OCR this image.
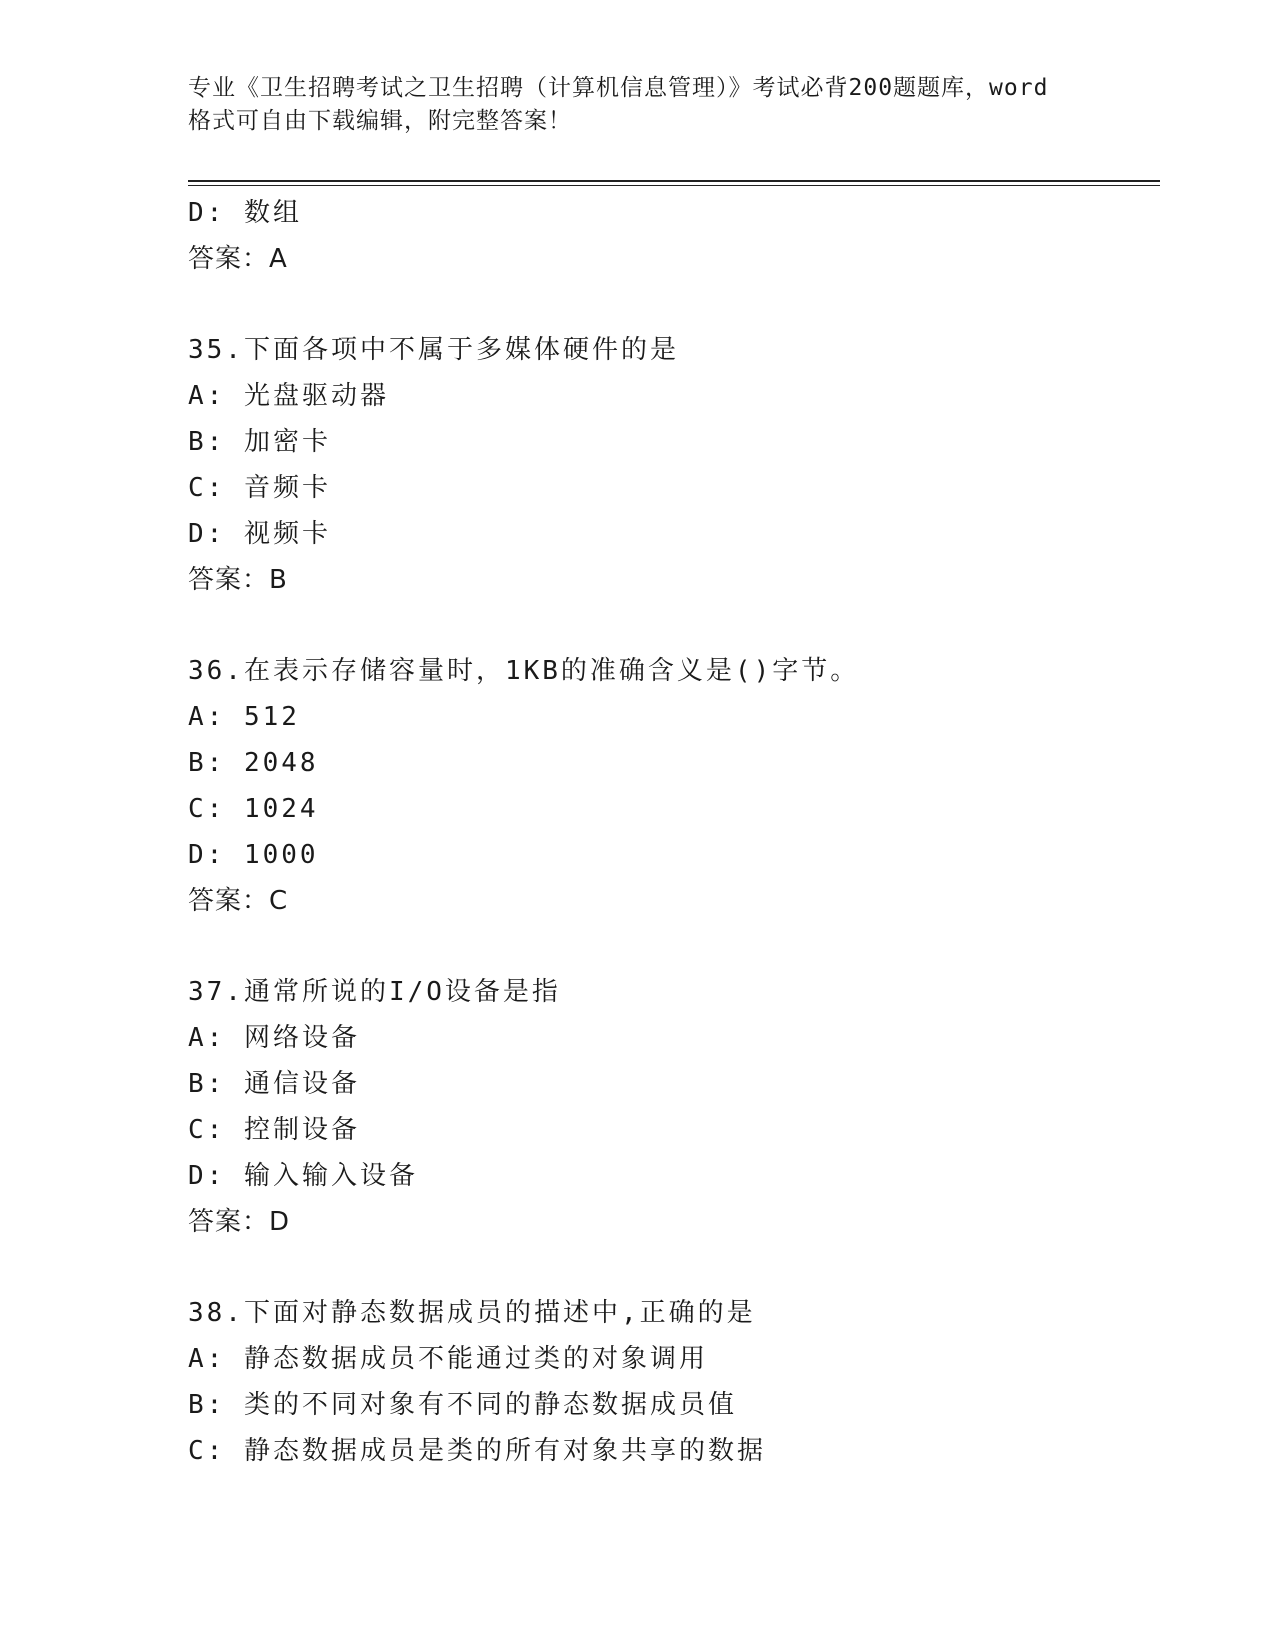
专业《卫生招聘考试之卫生招聘（计算机信息管理）》考试必背200题题库，word
格式可自由下载编辑，附完整答案！
D: 数组
答案：A
35.下面各项中不属于多媒体硬件的是
A: 光盘驱动器
B: 加密卡
C: 音频卡
D: 视频卡
答案：B
36.在表示存储容量时，1KB的准确含义是()字节。
A: 512
B: 2048
C: 1024
D: 1000
答案：C
37.通常所说的I/O设备是指
A: 网络设备
B: 通信设备
C: 控制设备
D: 输入输入设备
答案：D
38.下面对静态数据成员的描述中,正确的是
A: 静态数据成员不能通过类的对象调用
B: 类的不同对象有不同的静态数据成员值
C: 静态数据成员是类的所有对象共享的数据
